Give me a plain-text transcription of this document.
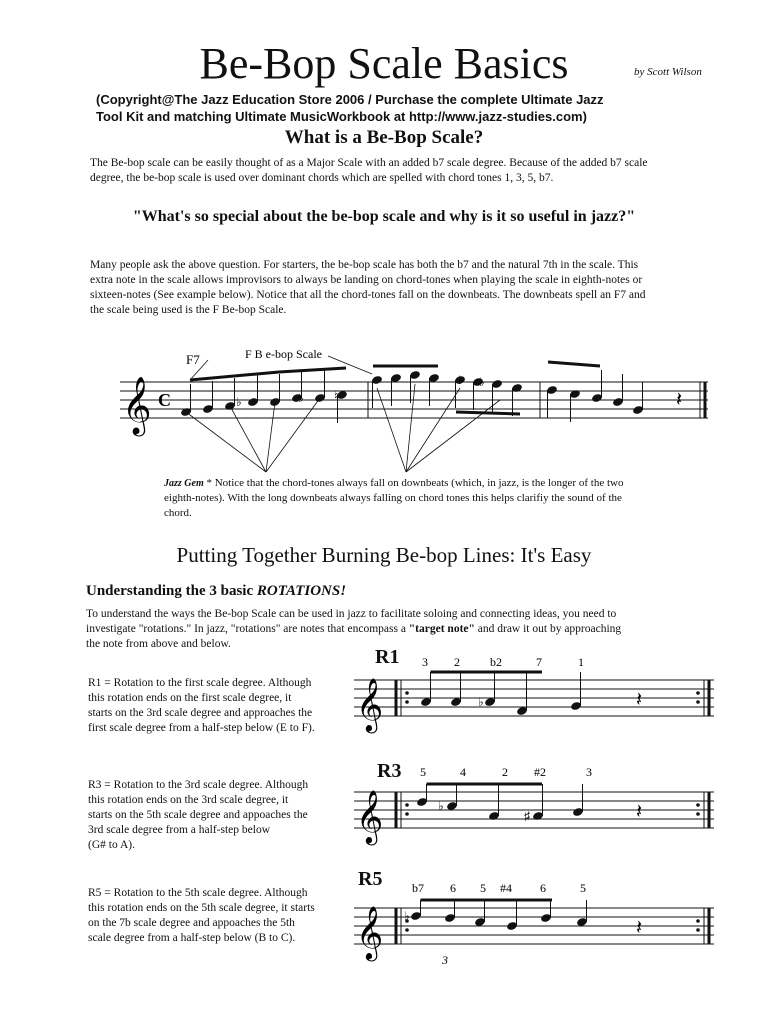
Be-Bop Scale Basics	by Scott Wilson
(Copyright@The Jazz Education Store 2006 / Purchase the complete Ultimate Jazz
Tool Kit and matching Ultimate MusicWorkbook at http://www.jazz-studies.com)
What is a Be-Bop Scale?
The Be-bop scale can be easily thought of as a Major Scale with an added b7 scale degree. Because of the added b7 scale
degree, the be-bop scale is used over dominant chords which are spelled with chord tones 1, 3, 5, b7.
"What's so special about the be-bop scale and why is it so useful in jazz?"
Many people ask the above question. For starters, the be-bop scale has both the b7 and the natural 7th in the scale. This
extra note in the scale allows improvisors to always be landing on chord-tones when playing the scale in eighth-notes or
sixteen-notes (See example below). Notice that all the chord-tones fall on the downbeats. The downbeats spell an F7 and
the scale being used is the F Be-bop Scale.
F7	F B e-bop Scale
𝄞 C	♭	♭
♭ ♭
♮	𝄽
Jazz Gem * Notice that the chord-tones always fall on downbeats (which, in jazz, is the longer of the two
eighth-notes). With the long downbeats always falling on chord tones this helps clarifiy the sound of the
chord.
Putting Together Burning Be-bop Lines: It's Easy
Understanding the 3 basic ROTATIONS!
To understand the ways the Be-bop Scale can be used in jazz to facilitate soloing and connecting ideas, you need to
investigate "rotations." In jazz, "rotations" are notes that encompass a "target note" and draw it out by approaching
the note from above and below.
R1
R1 = Rotation to the first scale degree. Although
this rotation ends on the first scale degree, it
starts on the 3rd scale degree and approaches the
first scale degree from a half-step below (E to F).
3 2	b2	7	1
𝄞	𝄽
♭
R3
R3 = Rotation to the 3rd scale degree. Although
this rotation ends on the 3rd scale degree, it
starts on the 5th scale degree and appoaches the
3rd scale degree from a half-step below
(G# to A).
5	4	2 #2	3
𝄞	𝄽
♭
♯
R5
R5 = Rotation to the 5th scale degree. Although
this rotation ends on the 5th scale degree, it starts
on the 7b scale degree and appoaches the 5th
scale degree from a half-step below (B to C).
b7 6 5 #4 6	5
𝄞	𝄽
♭
3
